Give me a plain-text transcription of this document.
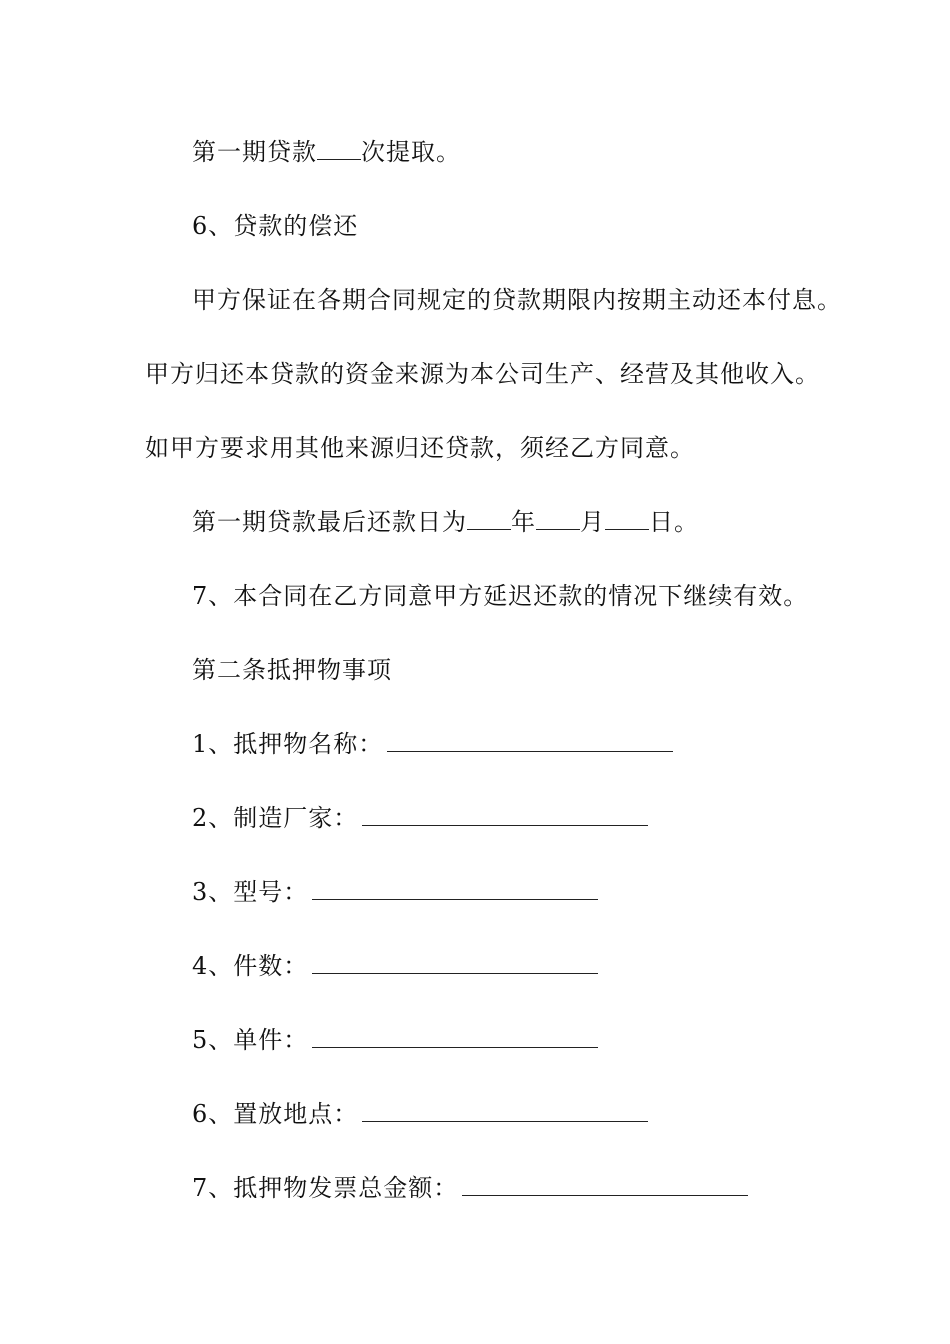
第一期贷款 次提取。
6、贷款的偿还
甲方保证在各期合同规定的贷款期限内按期主动还本付息。
甲方归还本贷款的资金来源为本公司生产、经营及其他收入。
如甲方要求用其他来源归还贷款，须经乙方同意。
第一期贷款最后还款日为 年 月 日。
7、本合同在乙方同意甲方延迟还款的情况下继续有效。
第二条抵押物事项
1、抵押物名称：
2、制造厂家：
3、型号：
4、件数：
5、单件：
6、置放地点：
7、抵押物发票总金额：
